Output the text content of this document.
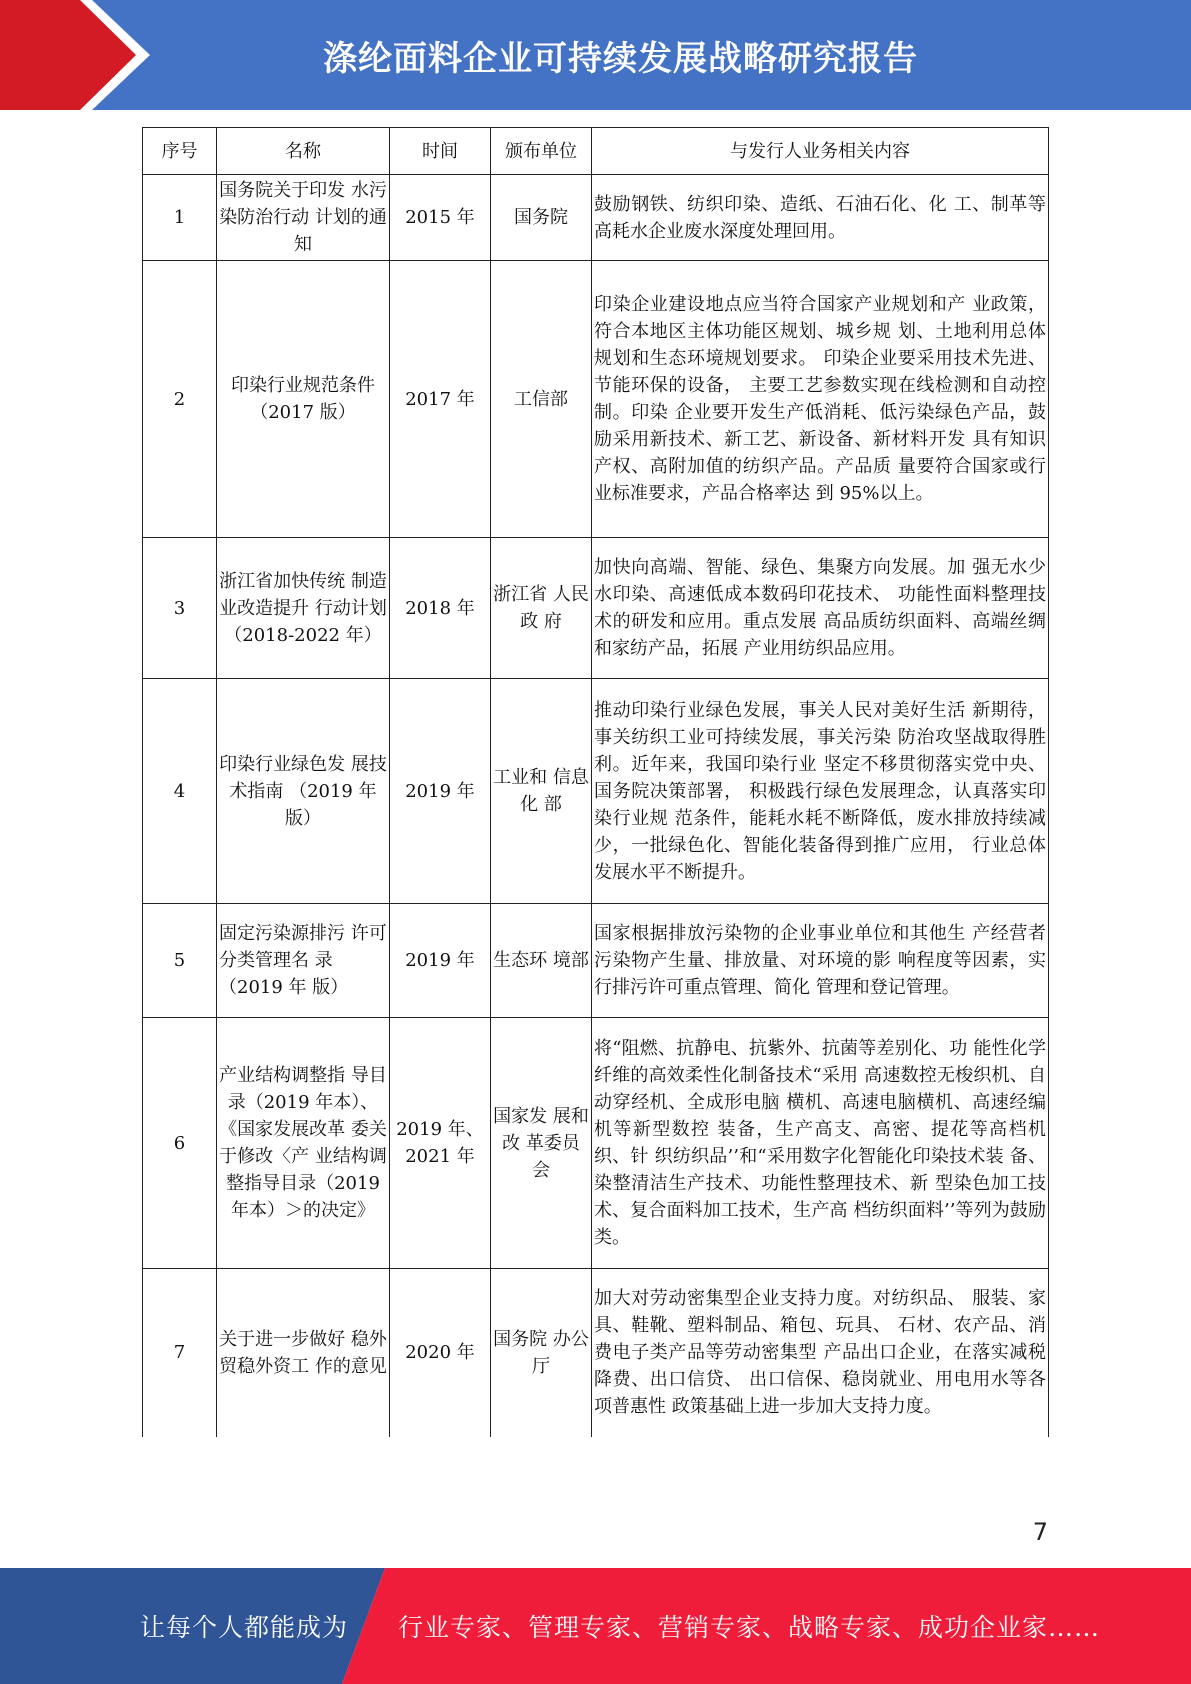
涤纶面料企业可持续发展战略研究报告
序号	名称	时间	颁布单位	与发行人业务相关内容
1	国务院关于印发 水污染防治行动 计划的通知	2015 年	国务院	鼓励钢铁、纺织印染、造纸、石油石化、化 工、制革等高耗水企业废水深度处理回用。
2	印染行业规范条件（2017 版）	2017 年	工信部	印染企业建设地点应当符合国家产业规划和产 业政策，符合本地区主体功能区规划、城乡规 划、土地利用总体规划和生态环境规划要求。 印染企业要采用技术先进、节能环保的设备， 主要工艺参数实现在线检测和自动控制。印染 企业要开发生产低消耗、低污染绿色产品，鼓 励采用新技术、新工艺、新设备、新材料开发 具有知识产权、高附加值的纺织产品。产品质 量要符合国家或行业标准要求，产品合格率达 到 95%以上。
3	浙江省加快传统 制造业改造提升 行动计划 （2018-2022 年）	2018 年	浙江省 人民政 府	加快向高端、智能、绿色、集聚方向发展。加 强无水少水印染、高速低成本数码印花技术、 功能性面料整理技术的研发和应用。重点发展 高品质纺织面料、高端丝绸和家纺产品，拓展 产业用纺织品应用。
4	印染行业绿色发 展技术指南 （2019 年版）	2019 年	工业和 信息化 部	推动印染行业绿色发展，事关人民对美好生活 新期待，事关纺织工业可持续发展，事关污染 防治攻坚战取得胜利。近年来，我国印染行业 坚定不移贯彻落实党中央、国务院决策部署， 积极践行绿色发展理念，认真落实印染行业规 范条件，能耗水耗不断降低，废水排放持续减 少，一批绿色化、智能化装备得到推广应用， 行业总体发展水平不断提升。
5	固定污染源排污 许可分类管理名 录（2019 年 版）	2019 年	生态环 境部	国家根据排放污染物的企业事业单位和其他生 产经营者污染物产生量、排放量、对环境的影 响程度等因素，实行排污许可重点管理、简化 管理和登记管理。
6	产业结构调整指 导目录（2019 年本）、《国家发展改革 委关于修改〈产 业结构调整指导目录（2019 年本）＞的决定》	2019 年、2021 年	国家发 展和改 革委员 会	将“阻燃、抗静电、抗紫外、抗菌等差别化、功 能性化学纤维的高效柔性化制备技术“采用 高速数控无梭织机、自动穿经机、全成形电脑 横机、高速电脑横机、高速经编机等新型数控 装备，生产高支、高密、提花等高档机织、针 织纺织品’’和“采用数字化智能化印染技术装 备、染整清洁生产技术、功能性整理技术、新 型染色加工技术、复合面料加工技术，生产高 档纺织面料’’等列为鼓励类。
7	关于进一步做好 稳外贸稳外资工 作的意见	2020 年	国务院 办公厅	加大对劳动密集型企业支持力度。对纺织品、 服装、家具、鞋靴、塑料制品、箱包、玩具、 石材、农产品、消费电子类产品等劳动密集型 产品出口企业，在落实减税降费、出口信贷、 出口信保、稳岗就业、用电用水等各项普惠性 政策基础上进一步加大支持力度。
7
让每个人都能成为 行业专家、管理专家、营销专家、战略专家、成功企业家……
